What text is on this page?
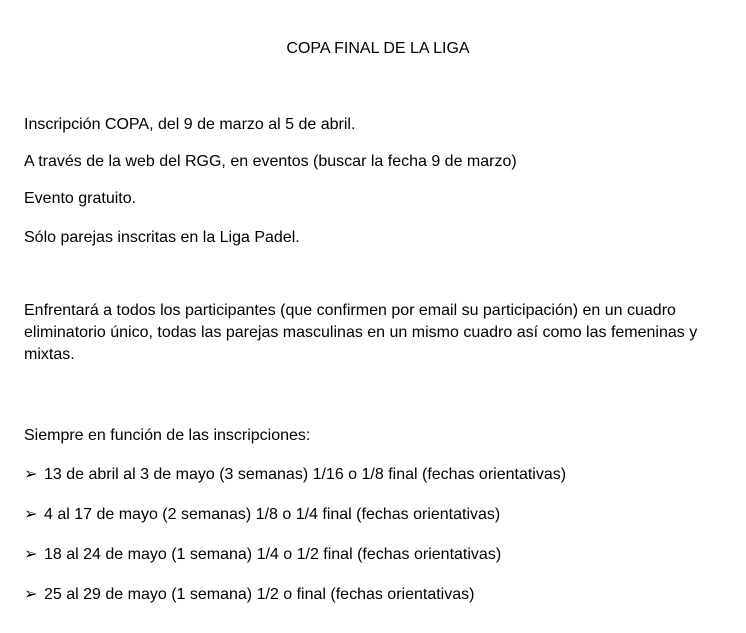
COPA FINAL DE LA LIGA
Inscripción COPA, del 9 de marzo al 5 de abril.
A través de la web del RGG, en eventos (buscar la fecha 9 de marzo)
Evento gratuito.
Sólo parejas inscritas en la Liga Padel.
Enfrentará a todos los participantes (que confirmen por email su participación) en un cuadro eliminatorio único, todas las parejas masculinas en un mismo cuadro así como las femeninas y mixtas.
Siempre en función de las inscripciones:
➢ 13 de abril al 3 de mayo (3 semanas) 1/16 o 1/8 final (fechas orientativas)
➢ 4 al 17 de mayo (2 semanas) 1/8 o 1/4 final (fechas orientativas)
➢ 18 al 24 de mayo (1 semana) 1/4 o 1/2 final (fechas orientativas)
➢ 25 al 29 de mayo (1 semana) 1/2 o final (fechas orientativas)
